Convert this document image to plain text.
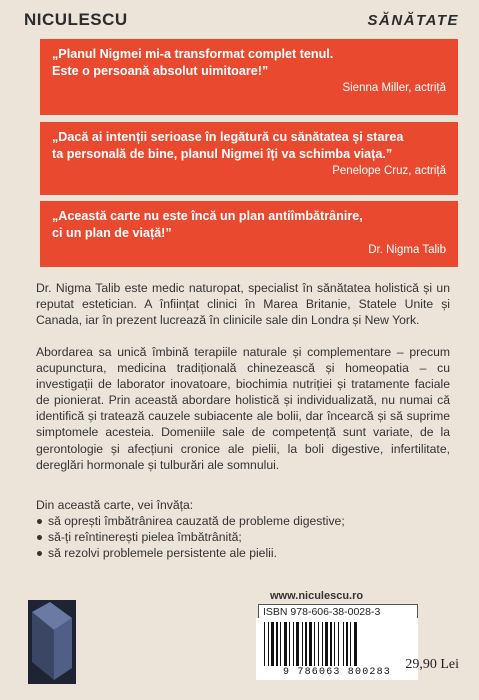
NICULESCU	SĂNĂTATE
„Planul Nigmei mi-a transformat complet tenul.
Este o persoană absolut uimitoare!”
Sienna Miller, actriță
„Dacă ai intenții serioase în legătură cu sănătatea și starea
ta personală de bine, planul Nigmei îți va schimba viața.”
Penelope Cruz, actriță
„Această carte nu este încă un plan antiîmbătrânire,
ci un plan de viață!”
Dr. Nigma Talib
Dr. Nigma Talib este medic naturopat, specialist în sănătatea holistică și un reputat estetician. A înființat clinici în Marea Britanie, Statele Unite și Canada, iar în prezent lucrează în clinicile sale din Londra și New York.
Abordarea sa unică îmbină terapiile naturale și complementare – precum acupunctura, medicina tradițională chinezească și homeopatia – cu investigații de laborator inovatoare, biochimia nutriției și tratamente faciale de pionierat. Prin această abordare holistică și individualizată, nu numai că identifică și tratează cauzele subiacente ale bolii, dar încearcă și să suprime simptomele acesteia. Domeniile sale de competență sunt variate, de la gerontologie și afecțiuni cronice ale pielii, la boli digestive, infertilitate, dereglări hormonale și tulburări ale somnului.
Din această carte, vei învăța:
să oprești îmbătrânirea cauzată de probleme digestive;
să-ți reîntinerești pielea îmbătrânită;
să rezolvi problemele persistente ale pielii.
www.niculescu.ro
ISBN 978-606-38-0028-3
9 786063 800283
29,90 Lei
